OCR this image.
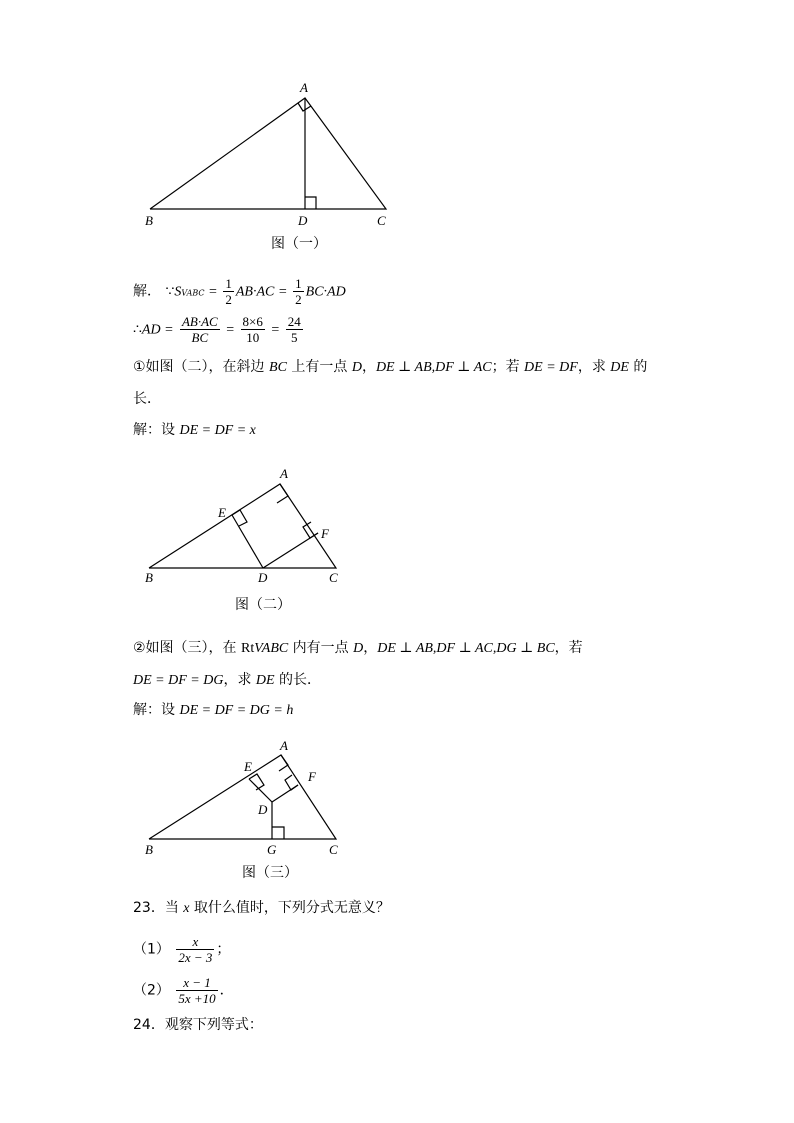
A
B	D	C
图（一）
解． ∵SVABC = $\frac{1}{2} AB\cdot AC = \frac{1}{2} BC\cdot AD$
∴AD = $\frac{AB\cdot AC}{BC} = \frac{8\times 6}{10} = \frac{24}{5}$
①如图（二），在斜边 BC 上有一点 D，DE ⊥ AB,DF ⊥ AC；若 DE = DF，求 DE 的
长．
解：设 DE = DF = x
A
E
F
B	D	C
图（二）
②如图（三），在 RtVABC 内有一点 D，DE ⊥ AB,DF ⊥ AC,DG ⊥ BC，若
DE = DF = DG，求 DE 的长．
解：设 DE = DF = DG = h
A
E
F
D
B	G	C
图（三）
23．当 x 取什么值时，下列分式无意义？
$(1) \frac{x}{2x - 3}$ ；
$(2) \frac{x - 1}{5x +10}$ ．
24．观察下列等式：
